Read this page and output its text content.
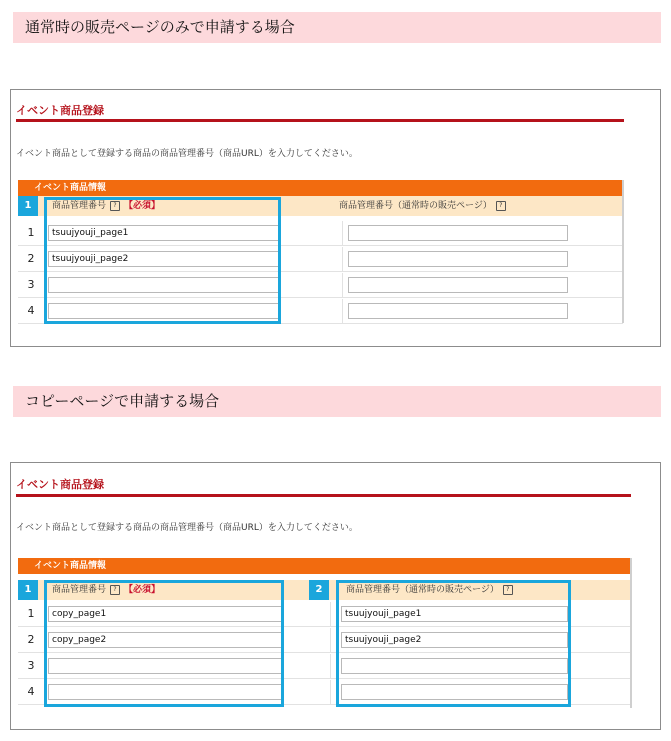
通常時の販売ページのみで申請する場合
イベント商品登録
イベント商品として登録する商品の商品管理番号（商品URL）を入力してください。
イベント商品情報
1	商品管理番号 ? 【必須】	商品管理番号（通常時の販売ページ） ?
1	tsuujyouji_page1
2	tsuujyouji_page2
3
4
コピーページで申請する場合
イベント商品登録
イベント商品として登録する商品の商品管理番号（商品URL）を入力してください。
イベント商品情報
1	商品管理番号 ? 【必須】	2	商品管理番号（通常時の販売ページ） ?
1	copy_page1	tsuujyouji_page1
2	copy_page2	tsuujyouji_page2
3
4
